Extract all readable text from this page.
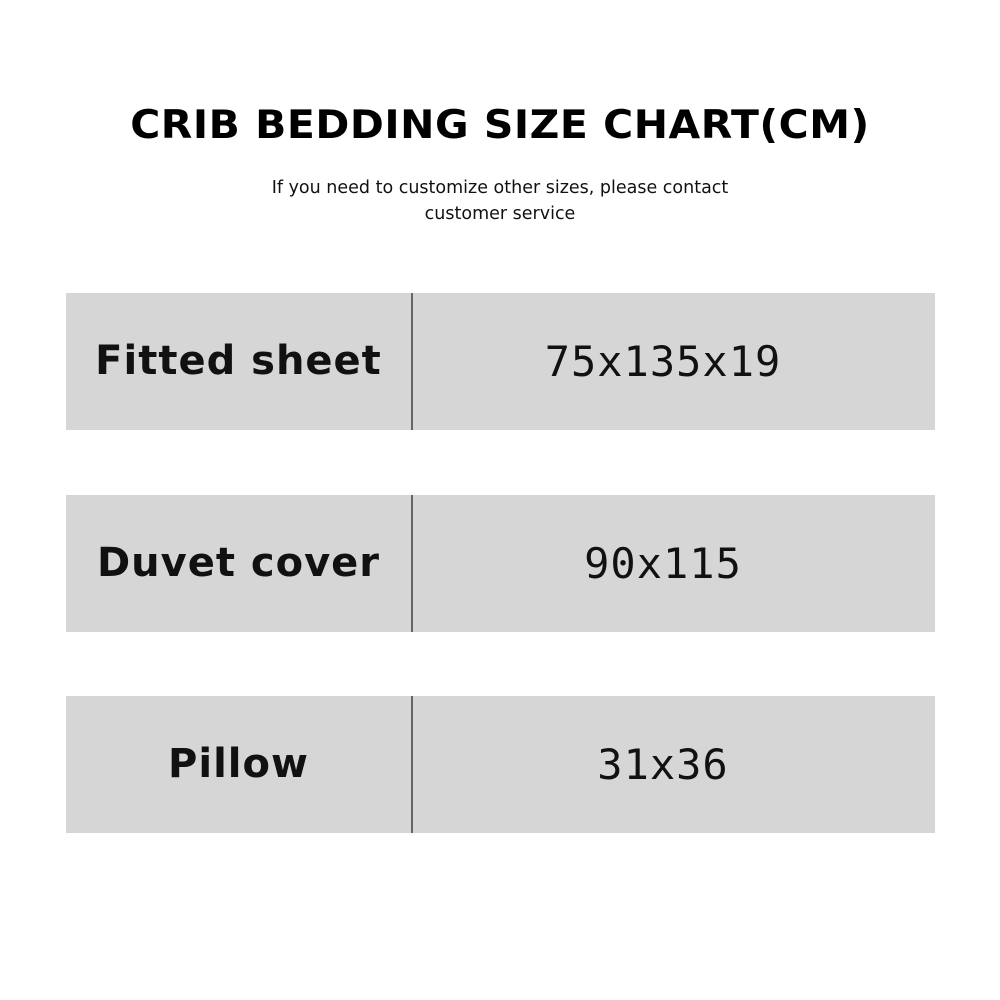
CRIB BEDDING SIZE CHART(CM)
If you need to customize other sizes, please contact
customer service
Fitted sheet	75x135x19
Duvet cover	90x115
Pillow	31x36
